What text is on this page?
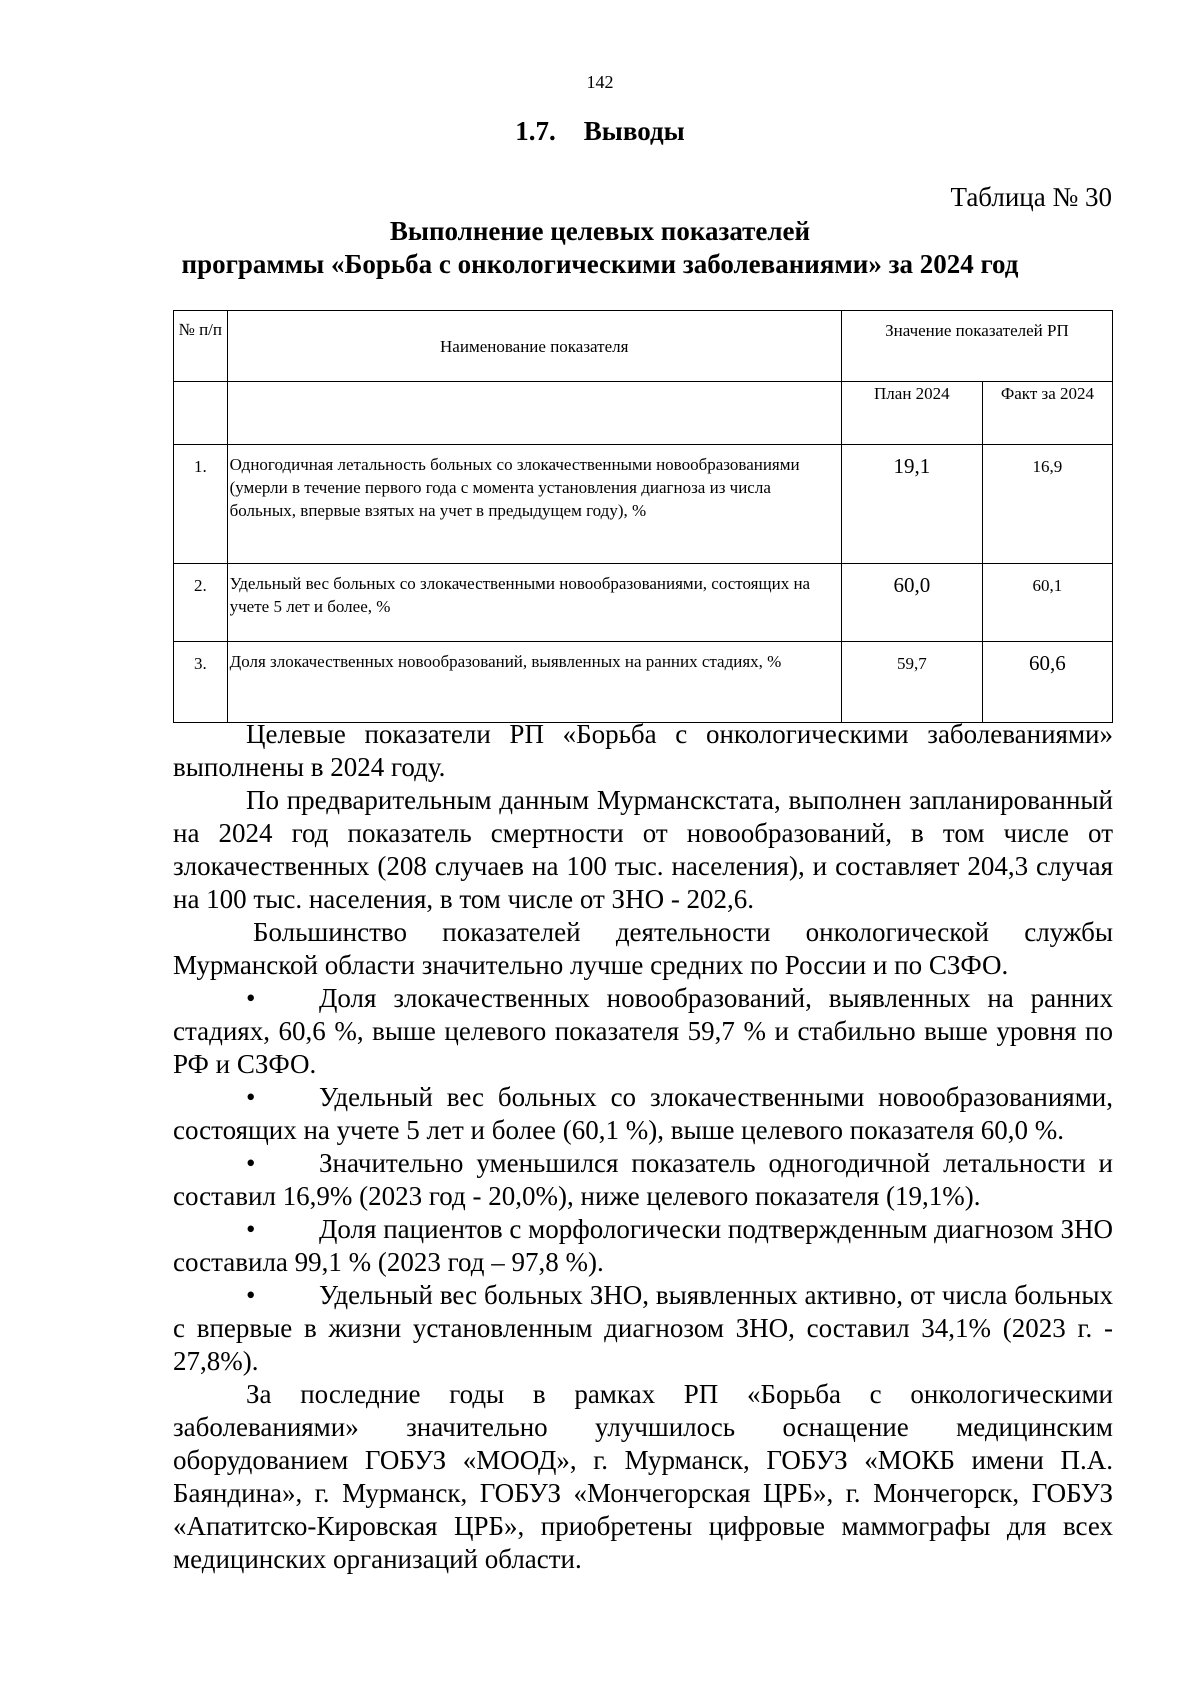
142
1.7. Выводы
Таблица № 30
Выполнение целевых показателей
программы «Борьба с онкологическими заболеваниями» за 2024 год
№ п/п	Наименование показателя	Значение показателей РП	
		План 2024	Факт за 2024
1.	Одногодичная летальность больных со злокачественными новообразованиями (умерли в течение первого года с момента установления диагноза из числа больных, впервые взятых на учет в предыдущем году), %	19,1	16,9
2.	Удельный вес больных со злокачественными новообразованиями, состоящих на учете 5 лет и более, %	60,0	60,1
3.	Доля злокачественных новообразований, выявленных на ранних стадиях, %	59,7	60,6

Целевые показатели РП «Борьба с онкологическими заболеваниями» выполнены в 2024 году.

По предварительным данным Мурманскстата, выполнен запланированный на 2024 год показатель смертности от новообразований, в том числе от злокачественных (208 случаев на 100 тыс. населения), и составляет 204,3 случая на 100 тыс. населения, в том числе от ЗНО - 202,6.

Большинство показателей деятельности онкологической службы Мурманской области значительно лучше средних по России и по СЗФО.

• Доля злокачественных новообразований, выявленных на ранних стадиях, 60,6 %, выше целевого показателя 59,7 % и стабильно выше уровня по РФ и СЗФО.

• Удельный вес больных со злокачественными новообразованиями, состоящих на учете 5 лет и более (60,1 %), выше целевого показателя 60,0 %.

• Значительно уменьшился показатель одногодичной летальности и составил 16,9% (2023 год - 20,0%), ниже целевого показателя (19,1%).

• Доля пациентов с морфологически подтвержденным диагнозом ЗНО составила 99,1 % (2023 год – 97,8 %).

• Удельный вес больных ЗНО, выявленных активно, от числа больных с впервые в жизни установленным диагнозом ЗНО, составил 34,1% (2023 г. - 27,8%).

За последние годы в рамках РП «Борьба с онкологическими заболеваниями» значительно улучшилось оснащение медицинским оборудованием ГОБУЗ «МООД», г. Мурманск, ГОБУЗ «МОКБ имени П.А. Баяндина», г. Мурманск, ГОБУЗ «Мончегорская ЦРБ», г. Мончегорск, ГОБУЗ «Апатитско-Кировская ЦРБ», приобретены цифровые маммографы для всех медицинских организаций области.
